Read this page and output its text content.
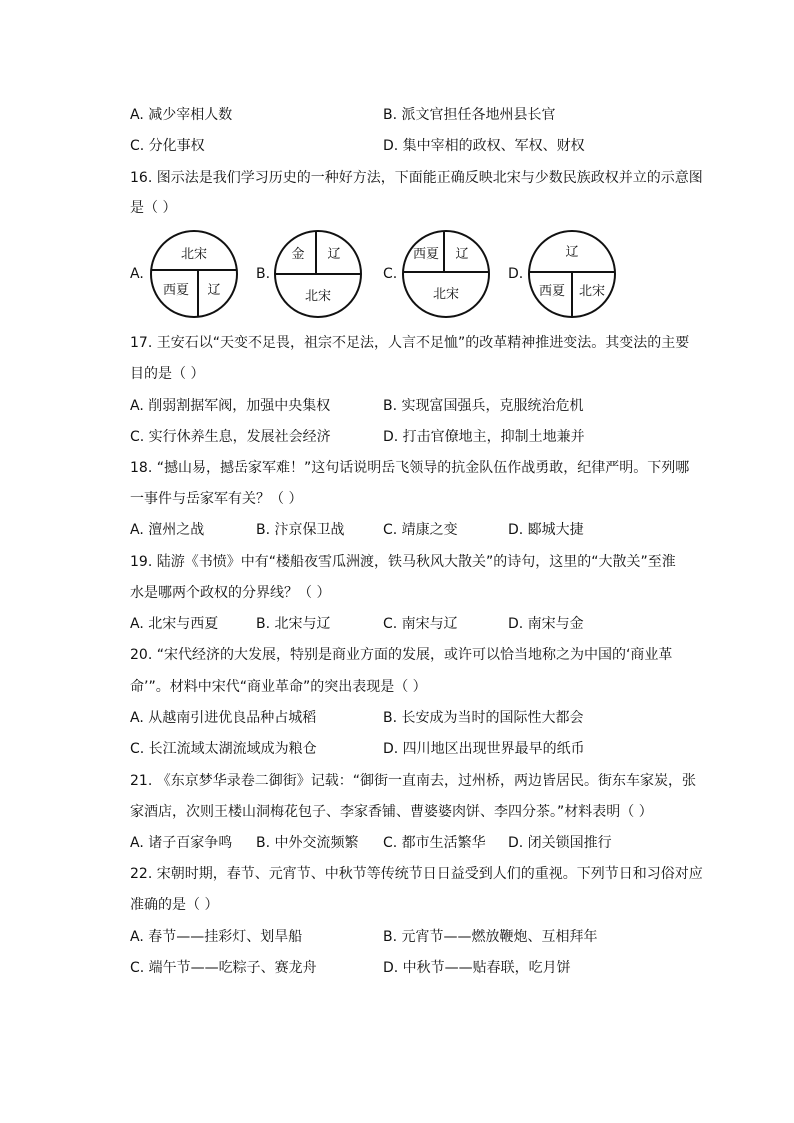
A. 减少宰相人数	B. 派文官担任各地州县长官
C. 分化事权	D. 集中宰相的政权、军权、财权
16. 图示法是我们学习历史的一种好方法，下面能正确反映北宋与少数民族政权并立的示意图
是（ ）
A.
北宋
西夏 辽
B.
金 辽
北宋
C.
西夏 辽
北宋
D.
辽
西夏 北宋
17. 王安石以“天变不足畏，祖宗不足法，人言不足恤”的改革精神推进变法。其变法的主要
目的是（ ）
A. 削弱割据军阀，加强中央集权	B. 实现富国强兵，克服统治危机
C. 实行休养生息，发展社会经济	D. 打击官僚地主，抑制土地兼并
18. “撼山易，撼岳家军难！”这句话说明岳飞领导的抗金队伍作战勇敢，纪律严明。下列哪
一事件与岳家军有关？（ ）
A. 澶州之战	B. 汴京保卫战	C. 靖康之变	D. 郾城大捷
19. 陆游《书愤》中有“楼船夜雪瓜洲渡，铁马秋风大散关”的诗句，这里的“大散关”至淮
水是哪两个政权的分界线？（ ）
A. 北宋与西夏	B. 北宋与辽	C. 南宋与辽	D. 南宋与金
20. “宋代经济的大发展，特别是商业方面的发展，或许可以恰当地称之为中国的‘商业革
命’”。材料中宋代“商业革命”的突出表现是（ ）
A. 从越南引进优良品种占城稻	B. 长安成为当时的国际性大都会
C. 长江流域太湖流域成为粮仓	D. 四川地区出现世界最早的纸币
21. 《东京梦华录卷二御街》记载：“御街一直南去，过州桥，两边皆居民。街东车家炭，张
家酒店，次则王楼山洞梅花包子、李家香铺、曹婆婆肉饼、李四分茶。”材料表明（ ）
A. 诸子百家争鸣 B. 中外交流频繁 C. 都市生活繁华 D. 闭关锁国推行
22. 宋朝时期，春节、元宵节、中秋节等传统节日日益受到人们的重视。下列节日和习俗对应
准确的是（ ）
A. 春节——挂彩灯、划旱船	B. 元宵节——燃放鞭炮、互相拜年
C. 端午节——吃粽子、赛龙舟	D. 中秋节——贴春联，吃月饼
